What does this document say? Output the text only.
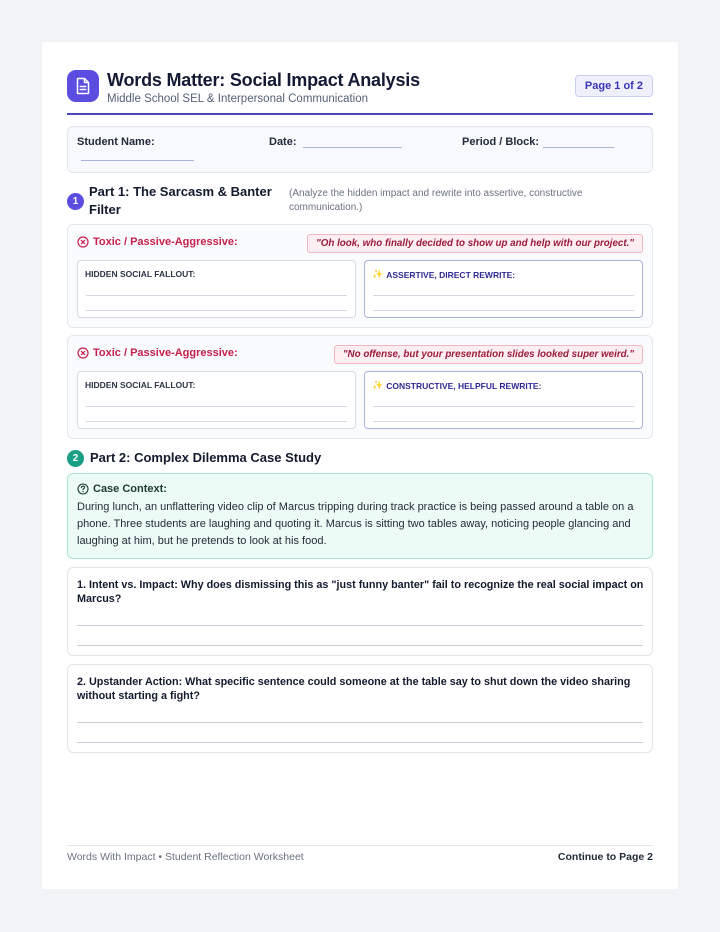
Words Matter: Social Impact Analysis
Middle School SEL & Interpersonal Communication
Page 1 of 2
Student Name:	Date:	Period / Block:
1
Part 1: The Sarcasm & Banter Filter
(Analyze the hidden impact and rewrite into assertive, constructive communication.)
Toxic / Passive-Aggressive:	"Oh look, who finally decided to show up and help with our project."
HIDDEN SOCIAL FALLOUT:	✨ ASSERTIVE, DIRECT REWRITE:
Toxic / Passive-Aggressive:	"No offense, but your presentation slides looked super weird."
HIDDEN SOCIAL FALLOUT:	✨ CONSTRUCTIVE, HELPFUL REWRITE:
2 Part 2: Complex Dilemma Case Study
Case Context:
During lunch, an unflattering video clip of Marcus tripping during track practice is being passed around a table on a phone. Three students are laughing and quoting it. Marcus is sitting two tables away, noticing people glancing and laughing at him, but he pretends to look at his food.
1. Intent vs. Impact: Why does dismissing this as "just funny banter" fail to recognize the real social impact on Marcus?
2. Upstander Action: What specific sentence could someone at the table say to shut down the video sharing without starting a fight?
Words With Impact • Student Reflection Worksheet	Continue to Page 2
